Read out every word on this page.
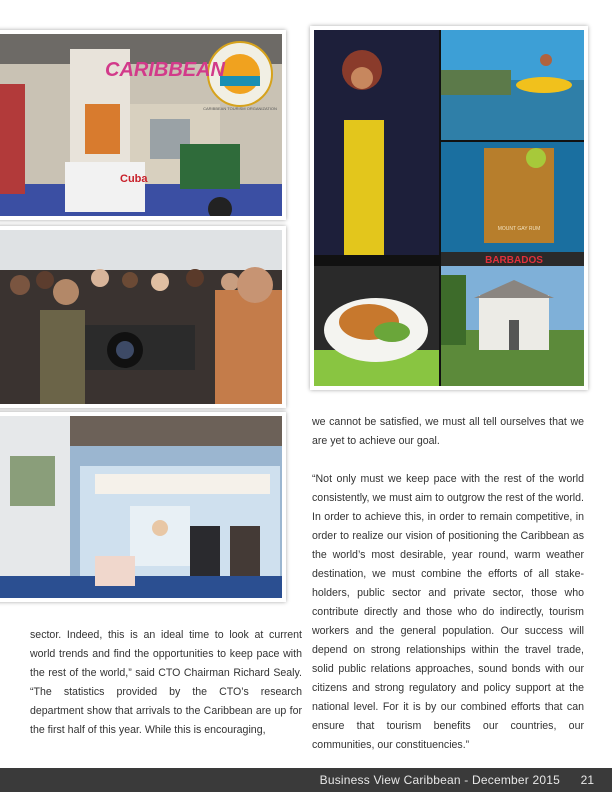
CARIBBEAN
CARIBBEAN TOURISM ORGANIZATION
Cuba
MOUNT GAY RUM
BARBADOS

we cannot be satisfied, we must all tell ourselves that we are yet to achieve our goal.

“Not only must we keep pace with the rest of the world consistently, we must aim to outgrow the rest of the world. In order to achieve this, in order to remain competitive, in order to realize our vision of positioning the Caribbean as the world’s most desirable, year round, warm weather destination, we must combine the efforts of all stake-holders, public sector and private sector, those who contribute directly and those who do indirectly, tourism workers and the general population. Our success will depend on strong relationships within the travel trade, solid public relations approaches, sound bonds with our citizens and strong regulatory and policy support at the national level. For it is by our combined efforts that can ensure that tourism benefits our countries, our communities, our constituencies.”

sector. Indeed, this is an ideal time to look at current world trends and find the opportunities to keep pace with the rest of the world,” said CTO Chairman Richard Sealy. “The statistics provided by the CTO’s research department show that arrivals to the Caribbean are up for the first half of this year. While this is encouraging,

Business View Caribbean - December 2015 21
